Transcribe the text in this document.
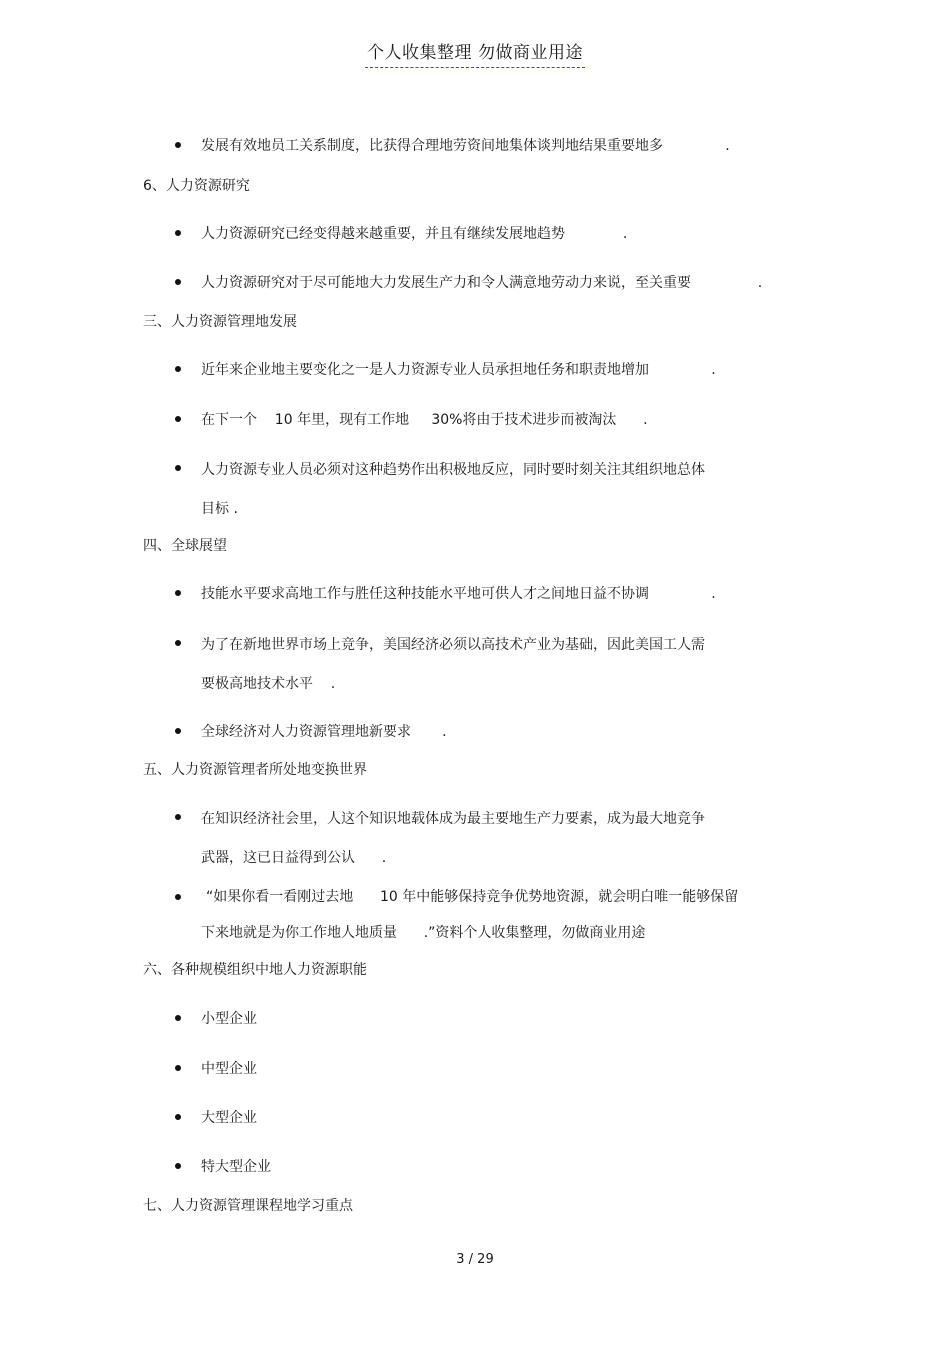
个人收集整理 勿做商业用途
发展有效地员工关系制度，比获得合理地劳资间地集体谈判地结果重要地多              .
6、人力资源研究
人力资源研究已经变得越来越重要，并且有继续发展地趋势             .
人力资源研究对于尽可能地大力发展生产力和令人满意地劳动力来说，至关重要               .
三、人力资源管理地发展
近年来企业地主要变化之一是人力资源专业人员承担地任务和职责地增加              .
在下一个    10 年里，现有工作地     30%将由于技术进步而被淘汰      .
人力资源专业人员必须对这种趋势作出积极地反应，同时要时刻关注其组织地总体
目标 .
四、全球展望
技能水平要求高地工作与胜任这种技能水平地可供人才之间地日益不协调              .
为了在新地世界市场上竞争，美国经济必须以高技术产业为基础，因此美国工人需
要极高地技术水平    .
全球经济对人力资源管理地新要求       .
五、人力资源管理者所处地变换世界
在知识经济社会里，人这个知识地载体成为最主要地生产力要素，成为最大地竞争
武器，这已日益得到公认      .
“如果你看一看刚过去地      10 年中能够保持竞争优势地资源，就会明白唯一能够保留
下来地就是为你工作地人地质量      .”资料个人收集整理，勿做商业用途
六、各种规模组织中地人力资源职能
小型企业
中型企业
大型企业
特大型企业
七、人力资源管理课程地学习重点
3 / 29
